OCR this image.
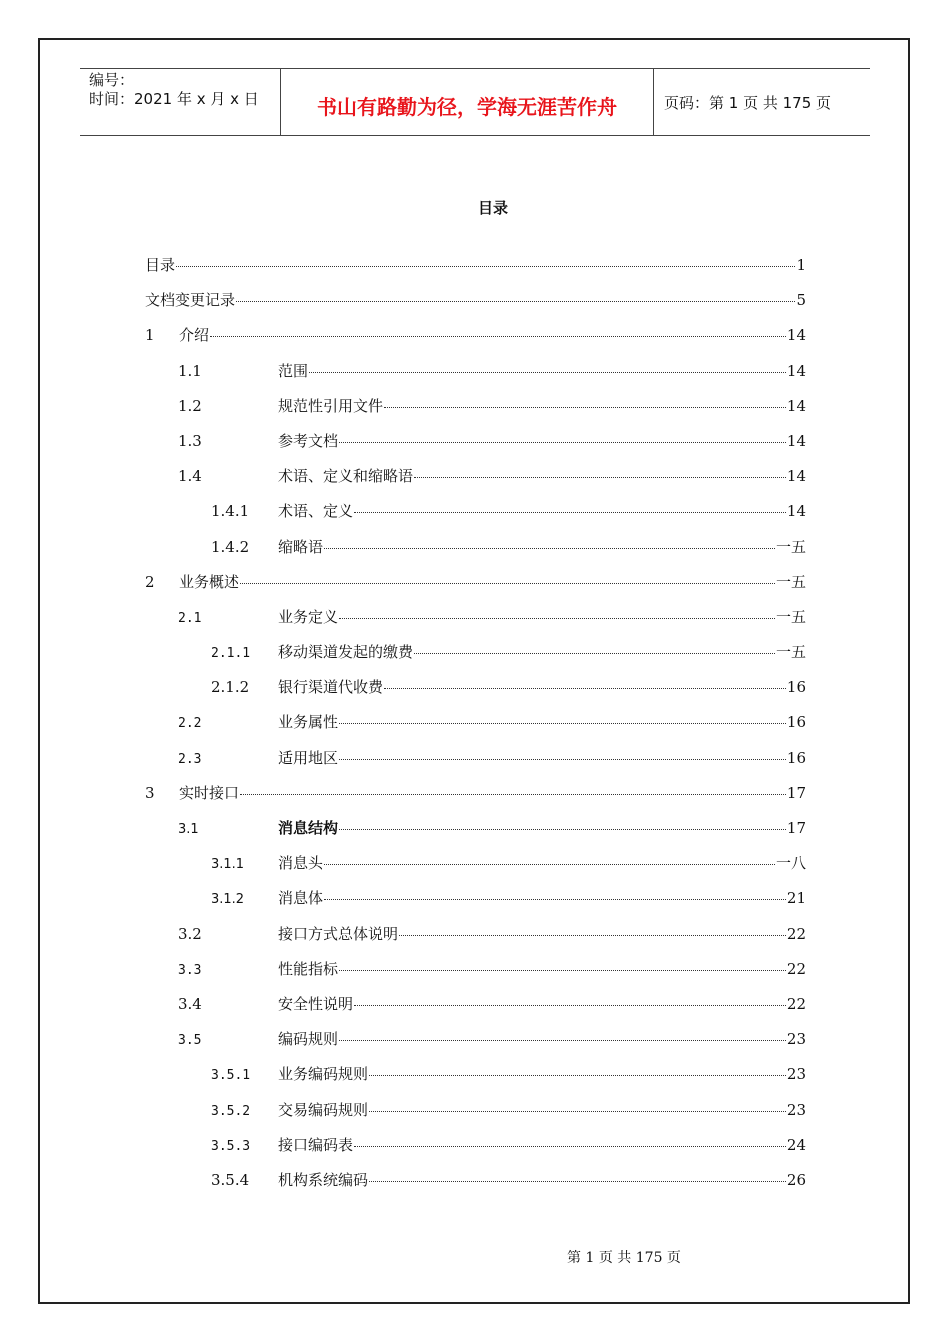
编号：
时间：2021 年 x 月 x 日	书山有路勤为径，学海无涯苦作舟	页码：第 1 页 共 175 页
目录
目录	1
文档变更记录	5
1	介绍	14
1.1	范围	14
1.2	规范性引用文件	14
1.3	参考文档	14
1.4	术语、定义和缩略语	14
1.4.1	术语、定义	14
1.4.2	缩略语	一五
2	业务概述	一五
2.1	业务定义	一五
2.1.1	移动渠道发起的缴费	一五
2.1.2	银行渠道代收费	16
2.2	业务属性	16
2.3	适用地区	16
3	实时接口	17
3.1	消息结构	17
3.1.1	消息头	一八
3.1.2	消息体	21
3.2	接口方式总体说明	22
3.3	性能指标	22
3.4	安全性说明	22
3.5	编码规则	23
3.5.1	业务编码规则	23
3.5.2	交易编码规则	23
3.5.3	接口编码表	24
3.5.4	机构系统编码	26
第 1 页 共 175 页
